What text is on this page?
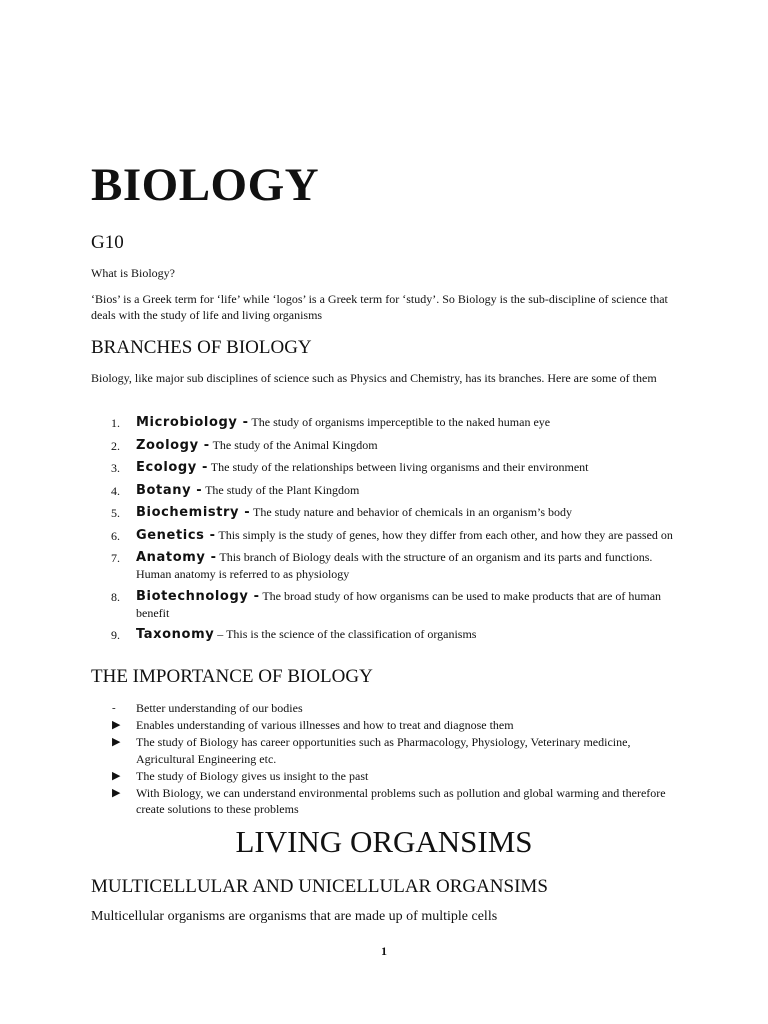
BIOLOGY

G10

What is Biology?

‘Bios’ is a Greek term for ‘life’ while ‘logos’ is a Greek term for ‘study’. So Biology is the sub-discipline of science that deals with the study of life and living organisms

BRANCHES OF BIOLOGY

Biology, like major sub disciplines of science such as Physics and Chemistry, has its branches. Here are some of them

1. Microbiology - The study of organisms imperceptible to the naked human eye
2. Zoology - The study of the Animal Kingdom
3. Ecology - The study of the relationships between living organisms and their environment
4. Botany - The study of the Plant Kingdom
5. Biochemistry - The study nature and behavior of chemicals in an organism’s body
6. Genetics - This simply is the study of genes, how they differ from each other, and how they are passed on
7. Anatomy - This branch of Biology deals with the structure of an organism and its parts and functions. Human anatomy is referred to as physiology
8. Biotechnology - The broad study of how organisms can be used to make products that are of human benefit
9. Taxonomy – This is the science of the classification of organisms
THE IMPORTANCE OF BIOLOGY
- Better understanding of our bodies
▶ Enables understanding of various illnesses and how to treat and diagnose them
▶ The study of Biology has career opportunities such as Pharmacology, Physiology, Veterinary medicine, Agricultural Engineering etc.
▶ The study of Biology gives us insight to the past
▶ With Biology, we can understand environmental problems such as pollution and global warming and therefore create solutions to these problems
LIVING ORGANSIMS
MULTICELLULAR AND UNICELLULAR ORGANSIMS

Multicellular organisms are organisms that are made up of multiple cells

1
